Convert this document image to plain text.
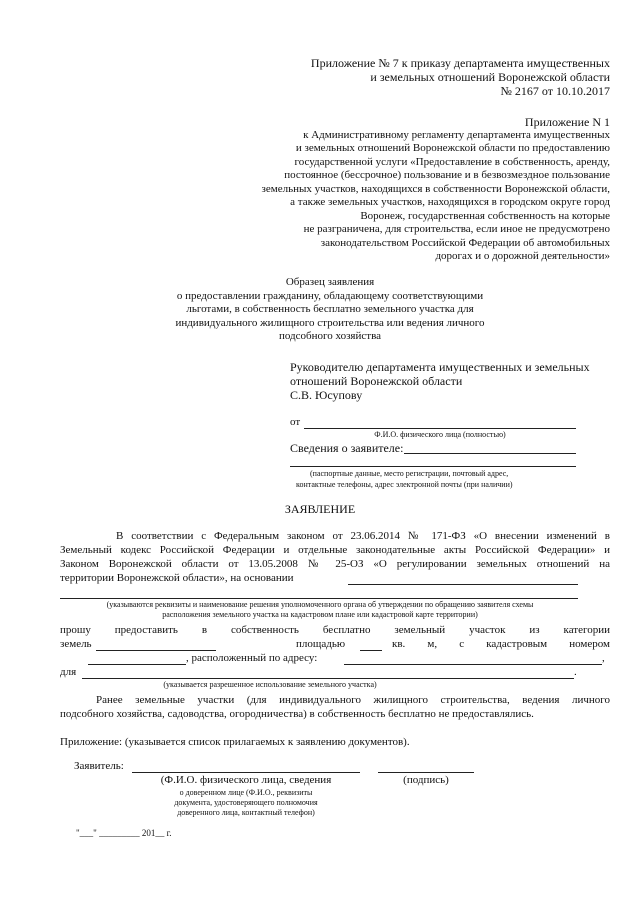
Приложение № 7 к приказу департамента имущественных
и земельных отношений Воронежской области
№ 2167 от 10.10.2017
Приложение N 1
к Административному регламенту департамента имущественных
и земельных отношений Воронежской области по предоставлению
государственной услуги «Предоставление в собственность, аренду,
постоянное (бессрочное) пользование и в безвозмездное пользование
земельных участков, находящихся в собственности Воронежской области,
а также земельных участков, находящихся в городском округе город
Воронеж, государственная собственность на которые
не разграничена, для строительства, если иное не предусмотрено
законодательством Российской Федерации об автомобильных
дорогах и о дорожной деятельности»
Образец заявления
о предоставлении гражданину, обладающему соответствующими
льготами, в собственность бесплатно земельного участка для
индивидуального жилищного строительства или ведения личного
подсобного хозяйства
Руководителю департамента имущественных и земельных
отношений Воронежской области
С.В. Юсупову
от
Ф.И.О. физического лица (полностью)
Сведения о заявителе:
(паспортные данные, место регистрации, почтовый адрес,
контактные телефоны, адрес электронной почты (при наличии)
ЗАЯВЛЕНИЕ
В соответствии с Федеральным законом от 23.06.2014 № 171-ФЗ «О внесении изменений в
Земельный кодекс Российской Федерации и отдельные законодательные акты Российской Федерации» и
Законом Воронежской области от 13.05.2008 № 25-ОЗ «О регулировании земельных отношений на
территории Воронежской области», на основании
(указываются реквизиты и наименование решения уполномоченного органа об утверждении по обращению заявителя схемы
расположения земельного участка на кадастровом плане или кадастровой карте территории)
прошу предоставить в собственность бесплатно земельный участок из категории
земель	площадью	кв. м, с кадастровым номером
, расположенный по адресу:	,
для	.
(указывается разрешенное использование земельного участка)
Ранее земельные участки (для индивидуального жилищного строительства, ведения личного
подсобного хозяйства, садоводства, огородничества) в собственность бесплатно не предоставлялись.
Приложение: (указывается список прилагаемых к заявлению документов).
Заявитель:
(Ф.И.О. физического лица, сведения	(подпись)
о доверенном лице (Ф.И.О., реквизиты
документа, удостоверяющего полномочия
доверенного лица, контактный телефон)
"___" _________ 201__ г.
